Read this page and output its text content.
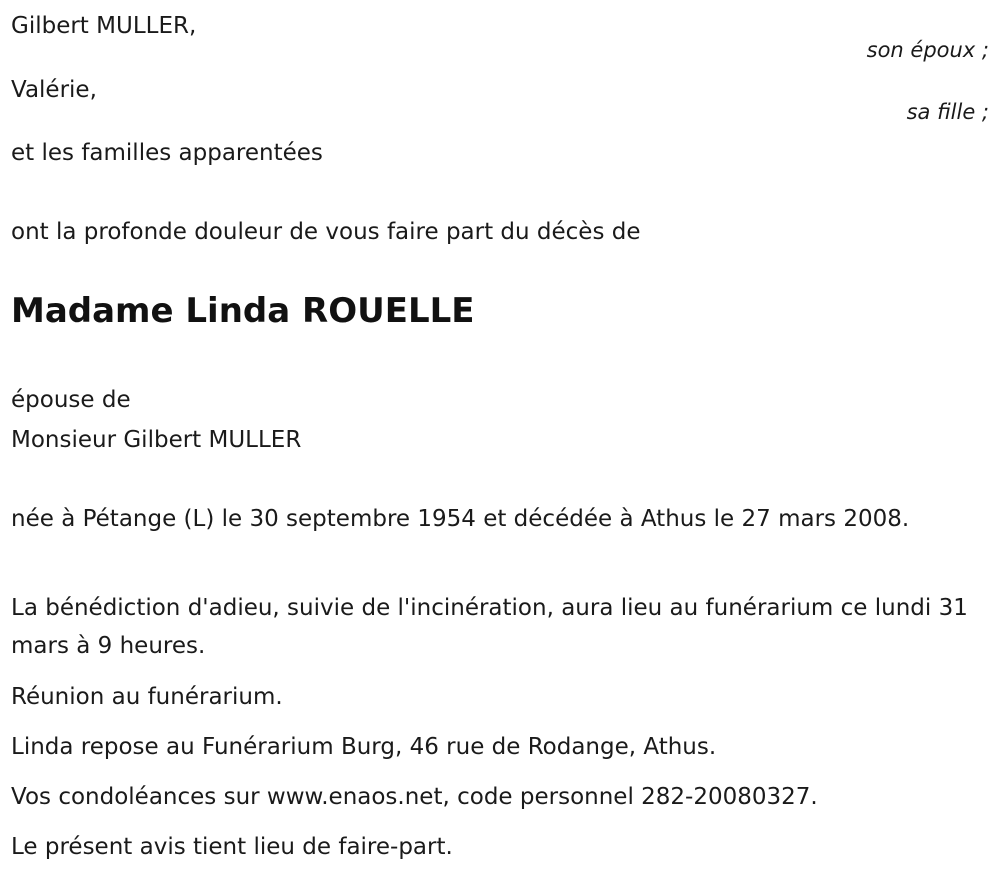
Gilbert MULLER,
son époux ;
Valérie,
sa fille ;
et les familles apparentées
ont la profonde douleur de vous faire part du décès de
Madame Linda ROUELLE
épouse de
Monsieur Gilbert MULLER
née à Pétange (L) le 30 septembre 1954 et décédée à Athus le 27 mars 2008.
La bénédiction d'adieu, suivie de l'incinération, aura lieu au funérarium ce lundi 31 mars à 9 heures.
Réunion au funérarium.
Linda repose au Funérarium Burg, 46 rue de Rodange, Athus.
Vos condoléances sur www.enaos.net, code personnel 282-20080327.
Le présent avis tient lieu de faire-part.
